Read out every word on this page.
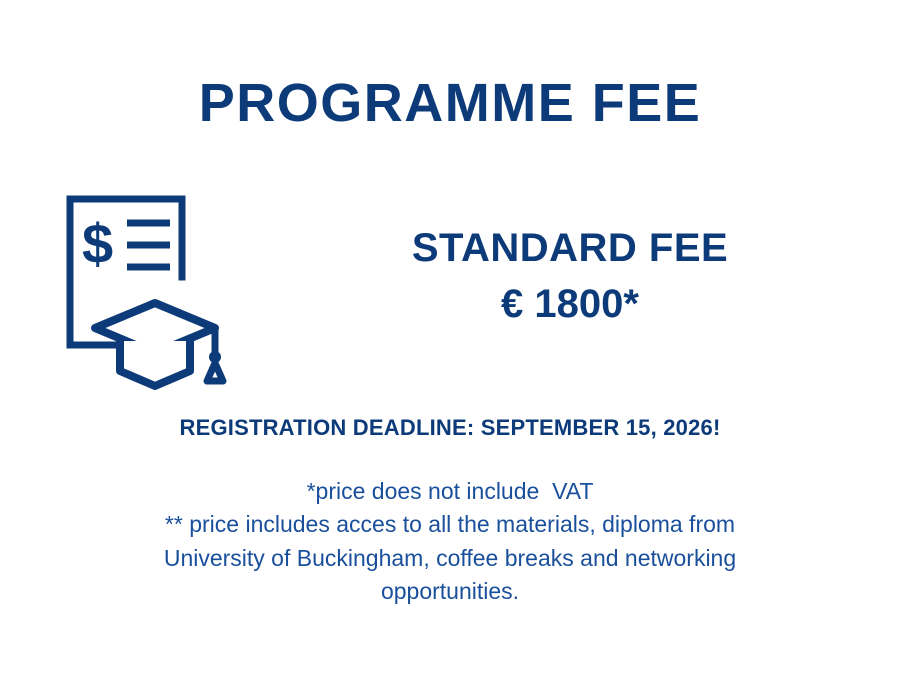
PROGRAMME FEE
$	STANDARD FEE
€ 1800*
REGISTRATION DEADLINE: SEPTEMBER 15, 2026!
*price does not include  VAT
** price includes acces to all the materials, diploma from
University of Buckingham, coffee breaks and networking
opportunities.
